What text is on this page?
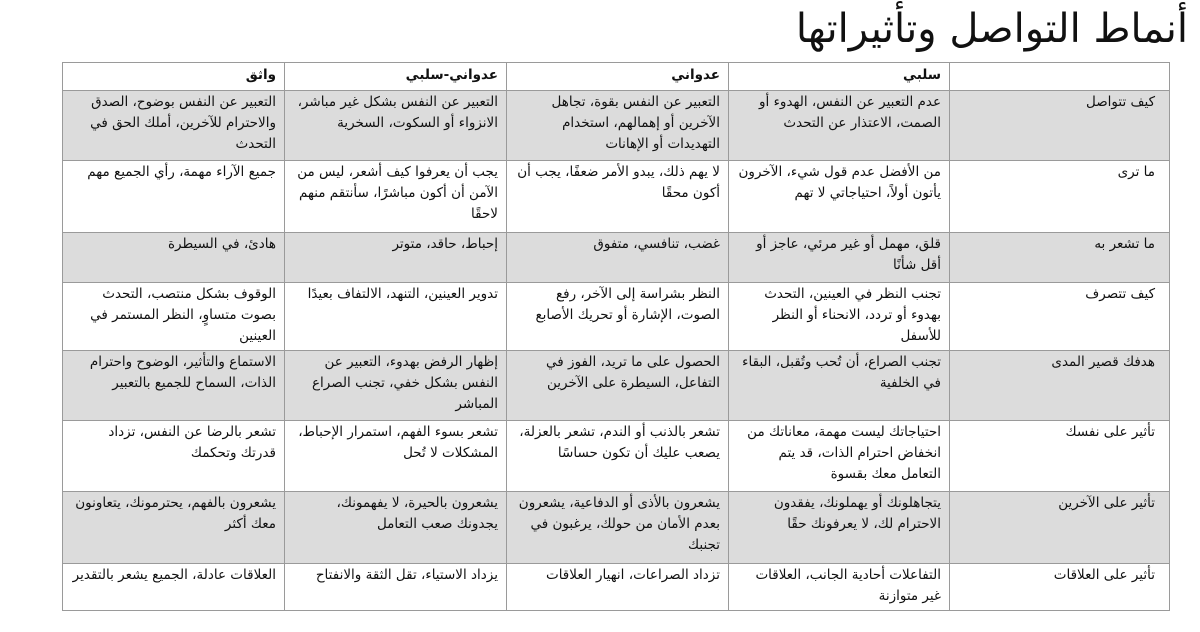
أنماط التواصل وتأثيراتها
	سلبي	عدواني	عدواني-سلبي	واثق
كيف تتواصل	عدم التعبير عن النفس، الهدوء أو الصمت، الاعتذار عن التحدث	التعبير عن النفس بقوة، تجاهل الآخرين أو إهمالهم، استخدام التهديدات أو الإهانات	التعبير عن النفس بشكل غير مباشر، الانزواء أو السكوت، السخرية	التعبير عن النفس بوضوح، الصدق والاحترام للآخرين، أملك الحق في التحدث
ما ترى	من الأفضل عدم قول شيء، الآخرون يأتون أولاً، احتياجاتي لا تهم	لا يهم ذلك، يبدو الأمر ضعفًا، يجب أن أكون محقًا	يجب أن يعرفوا كيف أشعر، ليس من الآمن أن أكون مباشرًا، سأنتقم منهم لاحقًا	جميع الآراء مهمة، رأي الجميع مهم
ما تشعر به	قلق، مهمل أو غير مرئي، عاجز أو أقل شأنًا	غضب، تنافسي، متفوق	إحباط، حاقد، متوتر	هادئ، في السيطرة
كيف تتصرف	تجنب النظر في العينين، التحدث بهدوء أو تردد، الانحناء أو النظر للأسفل	النظر بشراسة إلى الآخر، رفع الصوت، الإشارة أو تحريك الأصابع	تدوير العينين، التنهد، الالتفاف بعيدًا	الوقوف بشكل منتصب، التحدث بصوت متساوٍ، النظر المستمر في العينين
هدفك قصير المدى	تجنب الصراع، أن تُحب وتُقبل، البقاء في الخلفية	الحصول على ما تريد، الفوز في التفاعل، السيطرة على الآخرين	إظهار الرفض بهدوء، التعبير عن النفس بشكل خفي، تجنب الصراع المباشر	الاستماع والتأثير، الوضوح واحترام الذات، السماح للجميع بالتعبير
تأثير على نفسك	احتياجاتك ليست مهمة، معاناتك من انخفاض احترام الذات، قد يتم التعامل معك بقسوة	تشعر بالذنب أو الندم، تشعر بالعزلة، يصعب عليك أن تكون حساسًا	تشعر بسوء الفهم، استمرار الإحباط، المشكلات لا تُحل	تشعر بالرضا عن النفس، تزداد قدرتك وتحكمك
تأثير على الآخرين	يتجاهلونك أو يهملونك، يفقدون الاحترام لك، لا يعرفونك حقًا	يشعرون بالأذى أو الدفاعية، يشعرون بعدم الأمان من حولك، يرغبون في تجنبك	يشعرون بالحيرة، لا يفهمونك، يجدونك صعب التعامل	يشعرون بالفهم، يحترمونك، يتعاونون معك أكثر
تأثير على العلاقات	التفاعلات أحادية الجانب، العلاقات غير متوازنة	تزداد الصراعات، انهيار العلاقات	يزداد الاستياء، تقل الثقة والانفتاح	العلاقات عادلة، الجميع يشعر بالتقدير
